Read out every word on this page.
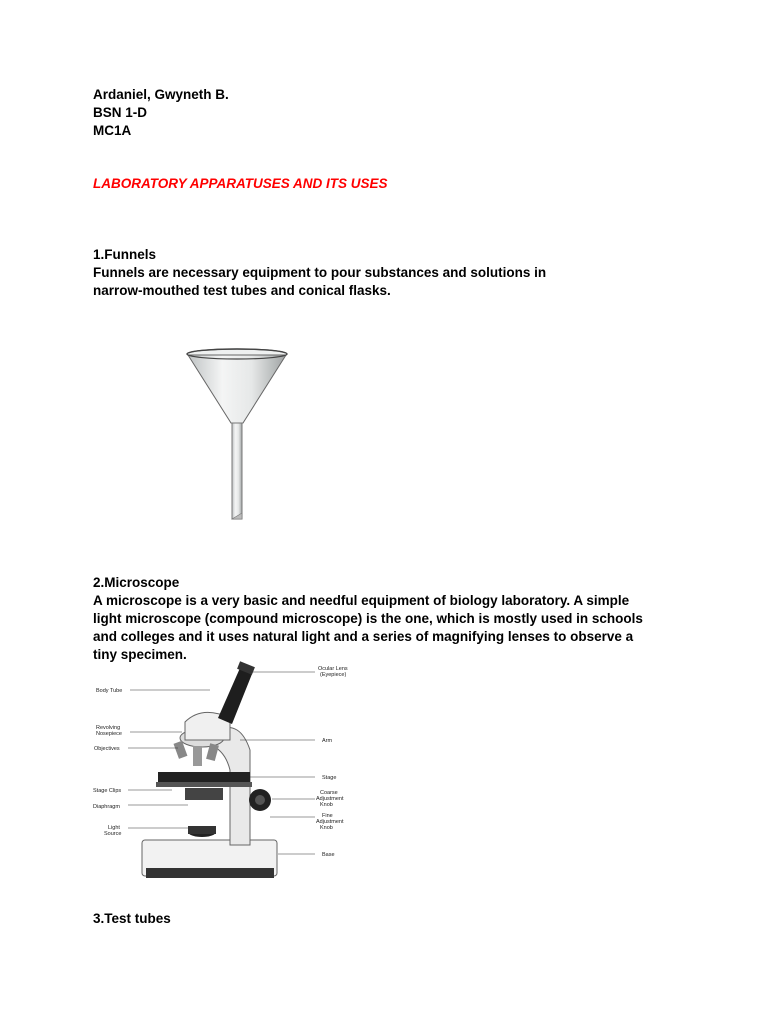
Ardaniel, Gwyneth B.
BSN 1-D
MC1A
LABORATORY APPARATUSES AND ITS USES
1.Funnels
Funnels are necessary equipment to pour substances and solutions in
narrow-mouthed test tubes and conical flasks.
2.Microscope
A microscope is a very basic and needful equipment of biology laboratory. A simple
light microscope (compound microscope) is the one, which is mostly used in schools
and colleges and it uses natural light and a series of magnifying lenses to observe a
tiny specimen.
Body Tube
Revolving
Nosepiece
Objectives
Stage Clips
Diaphragm
Light
Source
Ocular Lens
(Eyepiece)
Arm
Stage
Coarse
Adjustment
Knob
Fine
Adjustment
Knob
Base
3.Test tubes
